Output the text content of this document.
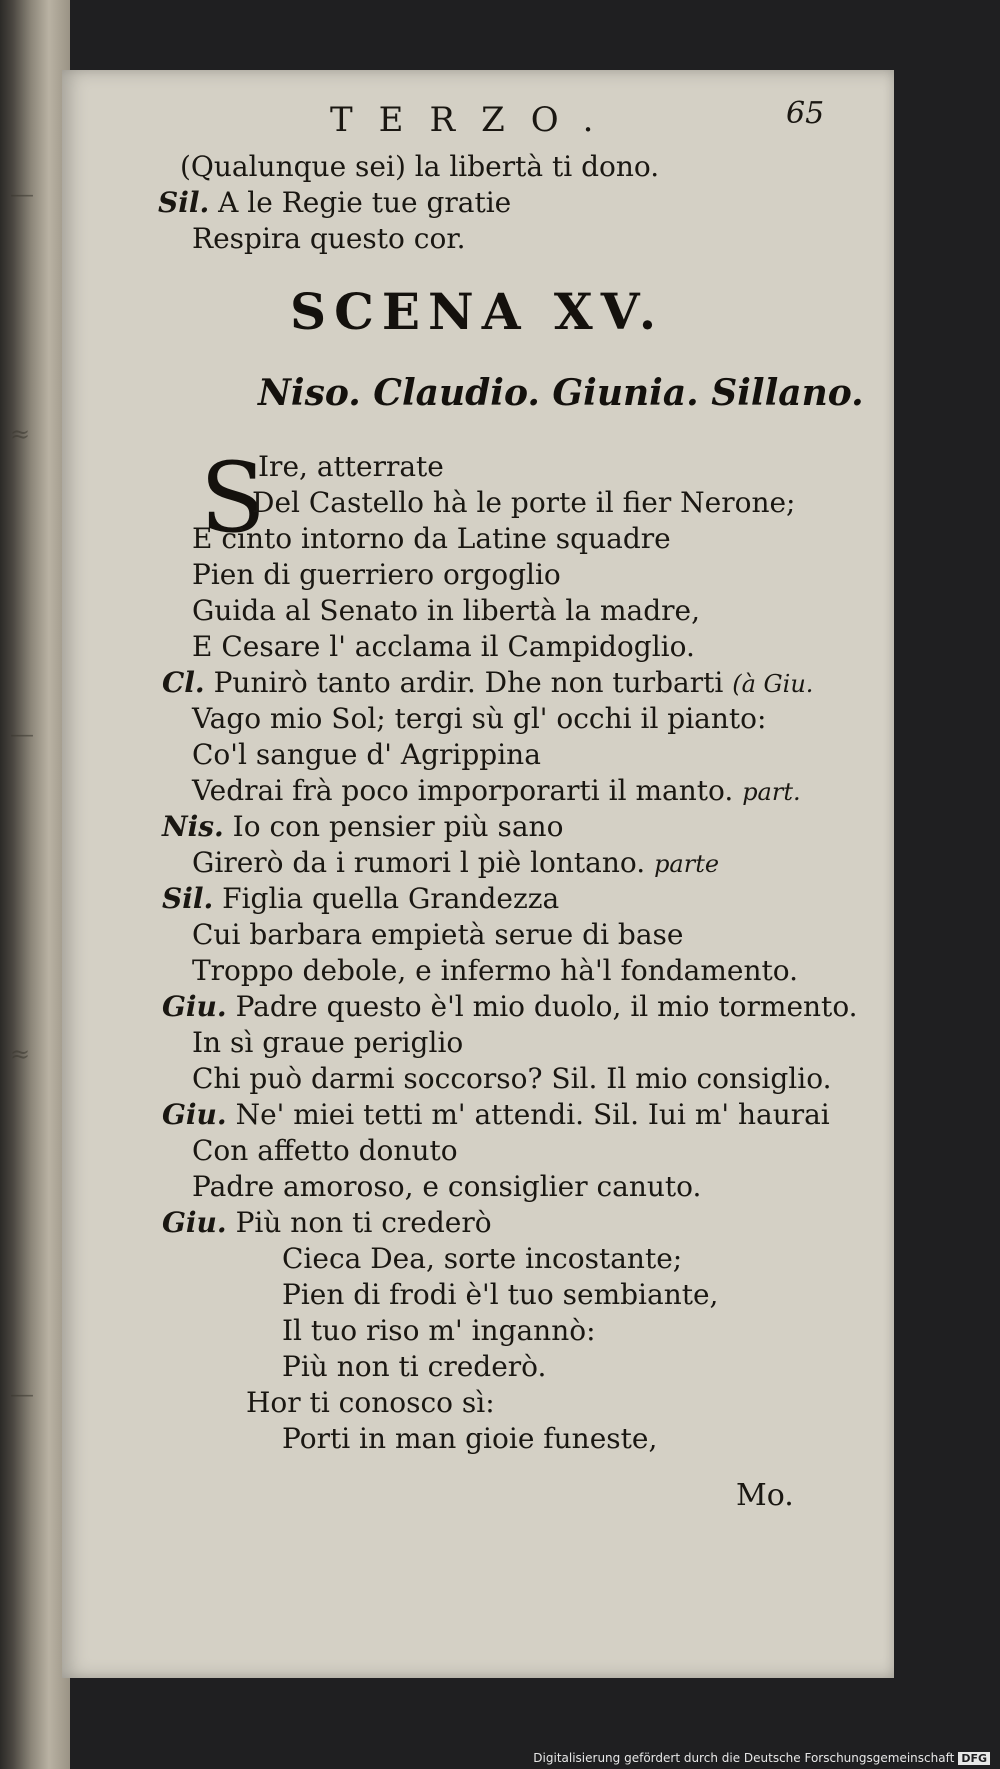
—
≈
—
≈
—
TERZO.	65
(Qualunque sei) la libertà ti dono.
Sil. A le Regie tue gratie
Respira questo cor.
SCENA XV.
Niso. Claudio. Giunia. Sillano.
S
Ire, atterrate
Del Castello hà le porte il fier Nerone;
E cinto intorno da Latine squadre
Pien di guerriero orgoglio
Guida al Senato in libertà la madre,
E Cesare l' acclama il Campidoglio.
Cl. Punirò tanto ardir. Dhe non turbarti (à Giu.
Vago mio Sol; tergi sù gl' occhi il pianto:
Co'l sangue d' Agrippina
Vedrai frà poco imporporarti il manto. part.
Nis. Io con pensier più sano
Girerò da i rumori l piè lontano. parte
Sil. Figlia quella Grandezza
Cui barbara empietà serue di base
Troppo debole, e infermo hà'l fondamento.
Giu. Padre questo è'l mio duolo, il mio tormento.
In sì graue periglio
Chi può darmi soccorso? Sil. Il mio consiglio.
Giu. Ne' miei tetti m' attendi. Sil. Iui m' haurai
Con affetto donuto
Padre amoroso, e consiglier canuto.
Giu. Più non ti crederò
Cieca Dea, sorte incostante;
Pien di frodi è'l tuo sembiante,
Il tuo riso m' ingannò:
Più non ti crederò.
Hor ti conosco sì:
Porti in man gioie funeste,
Mo.
Digitalisierung gefördert durch die Deutsche Forschungsgemeinschaft DFG
